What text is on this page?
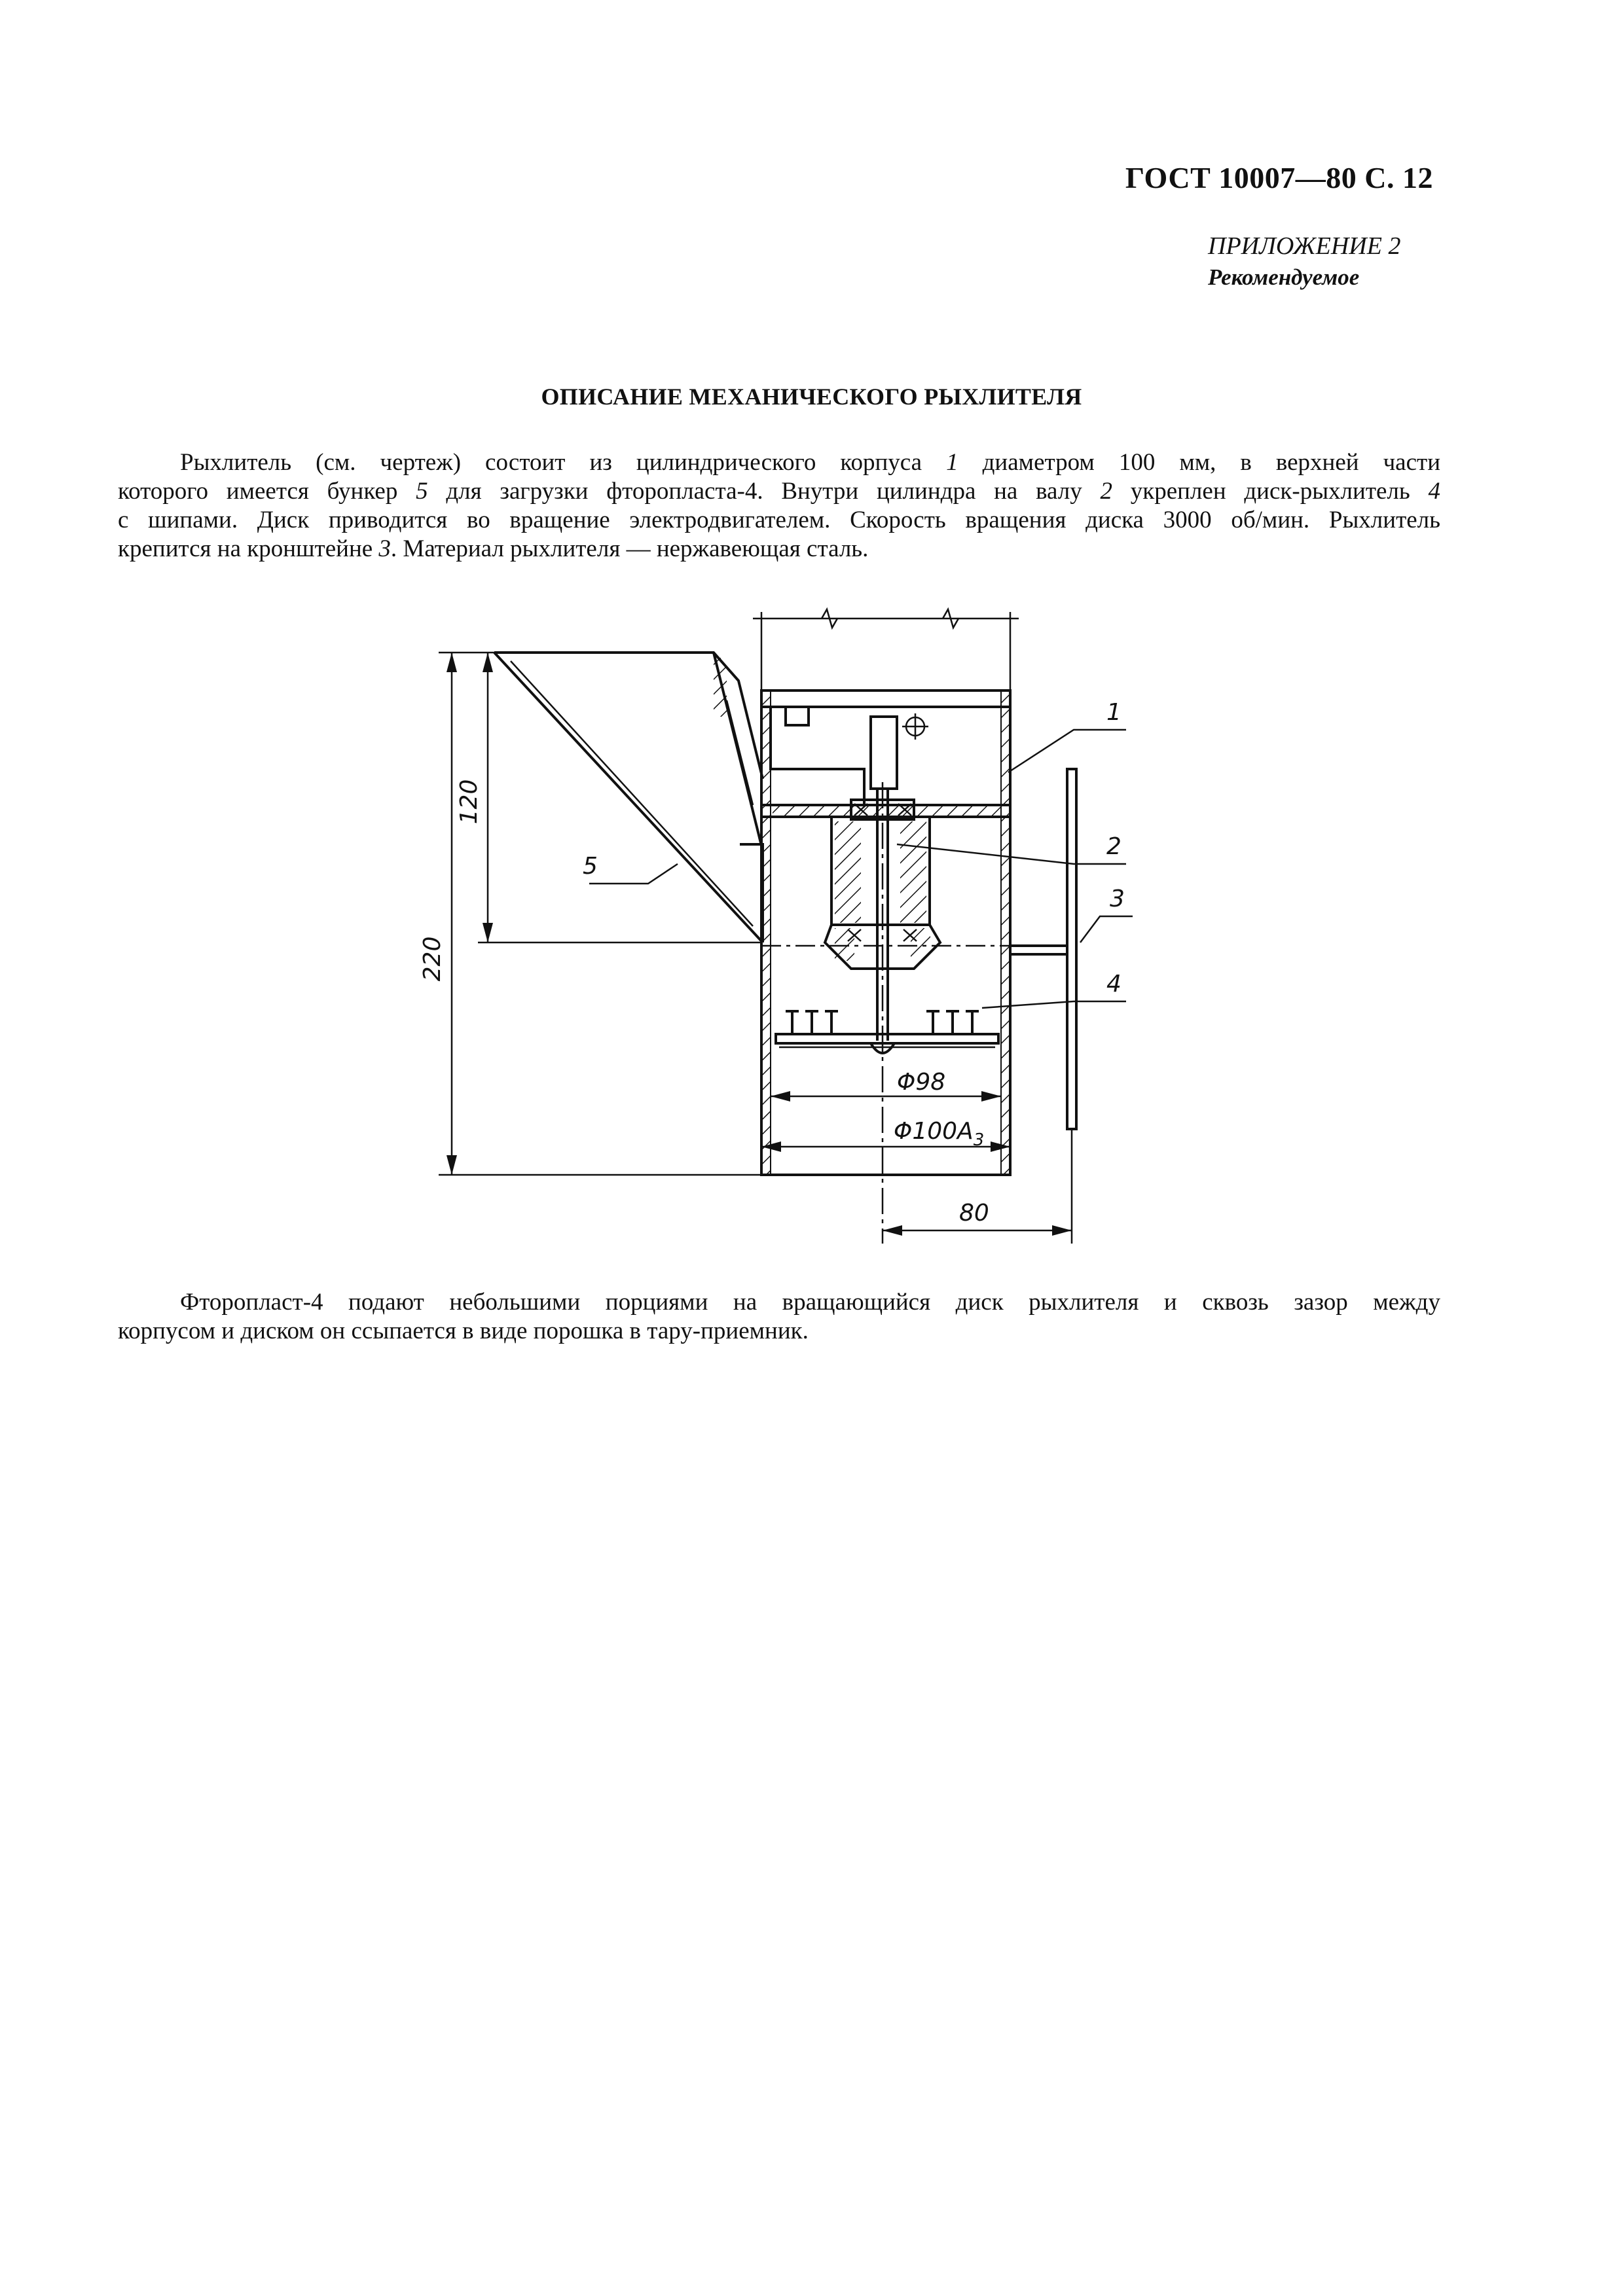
ГОСТ 10007—80 С. 12
ПРИЛОЖЕНИЕ 2
Рекомендуемое
ОПИСАНИЕ МЕХАНИЧЕСКОГО РЫХЛИТЕЛЯ
Рыхлитель (см. чертеж) состоит из цилиндрического корпуса 1 диаметром 100 мм, в верхней части
которого имеется бункер 5 для загрузки фторопласта-4. Внутри цилиндра на валу 2 укреплен диск-рыхлитель 4
с шипами. Диск приводится во вращение электродвигателем. Скорость вращения диска 3000 об/мин. Рыхлитель
крепится на кронштейне 3. Материал рыхлителя — нержавеющая сталь.
1
2
3
4
5
220
120
Φ98
$\Phi 100A_3$
80
Фторопласт-4 подают небольшими порциями на вращающийся диск рыхлителя и сквозь зазор между
корпусом и диском он ссыпается в виде порошка в тару-приемник.
